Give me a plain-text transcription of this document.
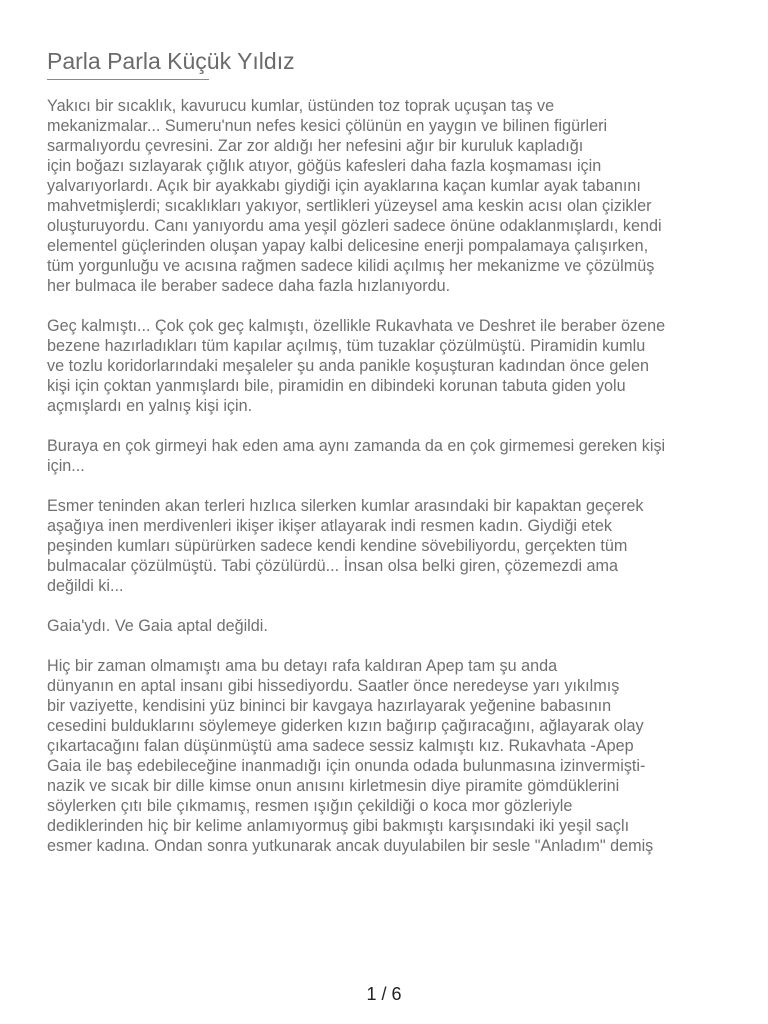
Parla Parla Küçük Yıldız
Yakıcı bir sıcaklık, kavurucu kumlar, üstünden toz toprak uçuşan taş ve
mekanizmalar... Sumeru'nun nefes kesici çölünün en yaygın ve bilinen figürleri
sarmalıyordu çevresini. Zar zor aldığı her nefesini ağır bir kuruluk kapladığı
için boğazı sızlayarak çığlık atıyor, göğüs kafesleri daha fazla koşmaması için
yalvarıyorlardı. Açık bir ayakkabı giydiği için ayaklarına kaçan kumlar ayak tabanını
mahvetmişlerdi; sıcaklıkları yakıyor, sertlikleri yüzeysel ama keskin acısı olan çizikler
oluşturuyordu. Canı yanıyordu ama yeşil gözleri sadece önüne odaklanmışlardı, kendi
elementel güçlerinden oluşan yapay kalbi delicesine enerji pompalamaya çalışırken,
tüm yorgunluğu ve acısına rağmen sadece kilidi açılmış her mekanizme ve çözülmüş
her bulmaca ile beraber sadece daha fazla hızlanıyordu.
Geç kalmıştı... Çok çok geç kalmıştı, özellikle Rukavhata ve Deshret ile beraber özene
bezene hazırladıkları tüm kapılar açılmış, tüm tuzaklar çözülmüştü. Piramidin kumlu
ve tozlu koridorlarındaki meşaleler şu anda panikle koşuşturan kadından önce gelen
kişi için çoktan yanmışlardı bile, piramidin en dibindeki korunan tabuta giden yolu
açmışlardı en yalnış kişi için.
Buraya en çok girmeyi hak eden ama aynı zamanda da en çok girmemesi gereken kişi
için...
Esmer teninden akan terleri hızlıca silerken kumlar arasındaki bir kapaktan geçerek
aşağıya inen merdivenleri ikişer ikişer atlayarak indi resmen kadın. Giydiği etek
peşinden kumları süpürürken sadece kendi kendine sövebiliyordu, gerçekten tüm
bulmacalar çözülmüştü. Tabi çözülürdü... İnsan olsa belki giren, çözemezdi ama
değildi ki...
Gaia'ydı. Ve Gaia aptal değildi.
Hiç bir zaman olmamıştı ama bu detayı rafa kaldıran Apep tam şu anda
dünyanın en aptal insanı gibi hissediyordu. Saatler önce neredeyse yarı yıkılmış
bir vaziyette, kendisini yüz bininci bir kavgaya hazırlayarak yeğenine babasının
cesedini bulduklarını söylemeye giderken kızın bağırıp çağıracağını, ağlayarak olay
çıkartacağını falan düşünmüştü ama sadece sessiz kalmıştı kız. Rukavhata -Apep
Gaia ile baş edebileceğine inanmadığı için onunda odada bulunmasına izinvermişti-
nazik ve sıcak bir dille kimse onun anısını kirletmesin diye piramite gömdüklerini
söylerken çıtı bile çıkmamış, resmen ışığın çekildiği o koca mor gözleriyle
dediklerinden hiç bir kelime anlamıyormuş gibi bakmıştı karşısındaki iki yeşil saçlı
esmer kadına. Ondan sonra yutkunarak ancak duyulabilen bir sesle "Anladım" demiş
1 / 6
